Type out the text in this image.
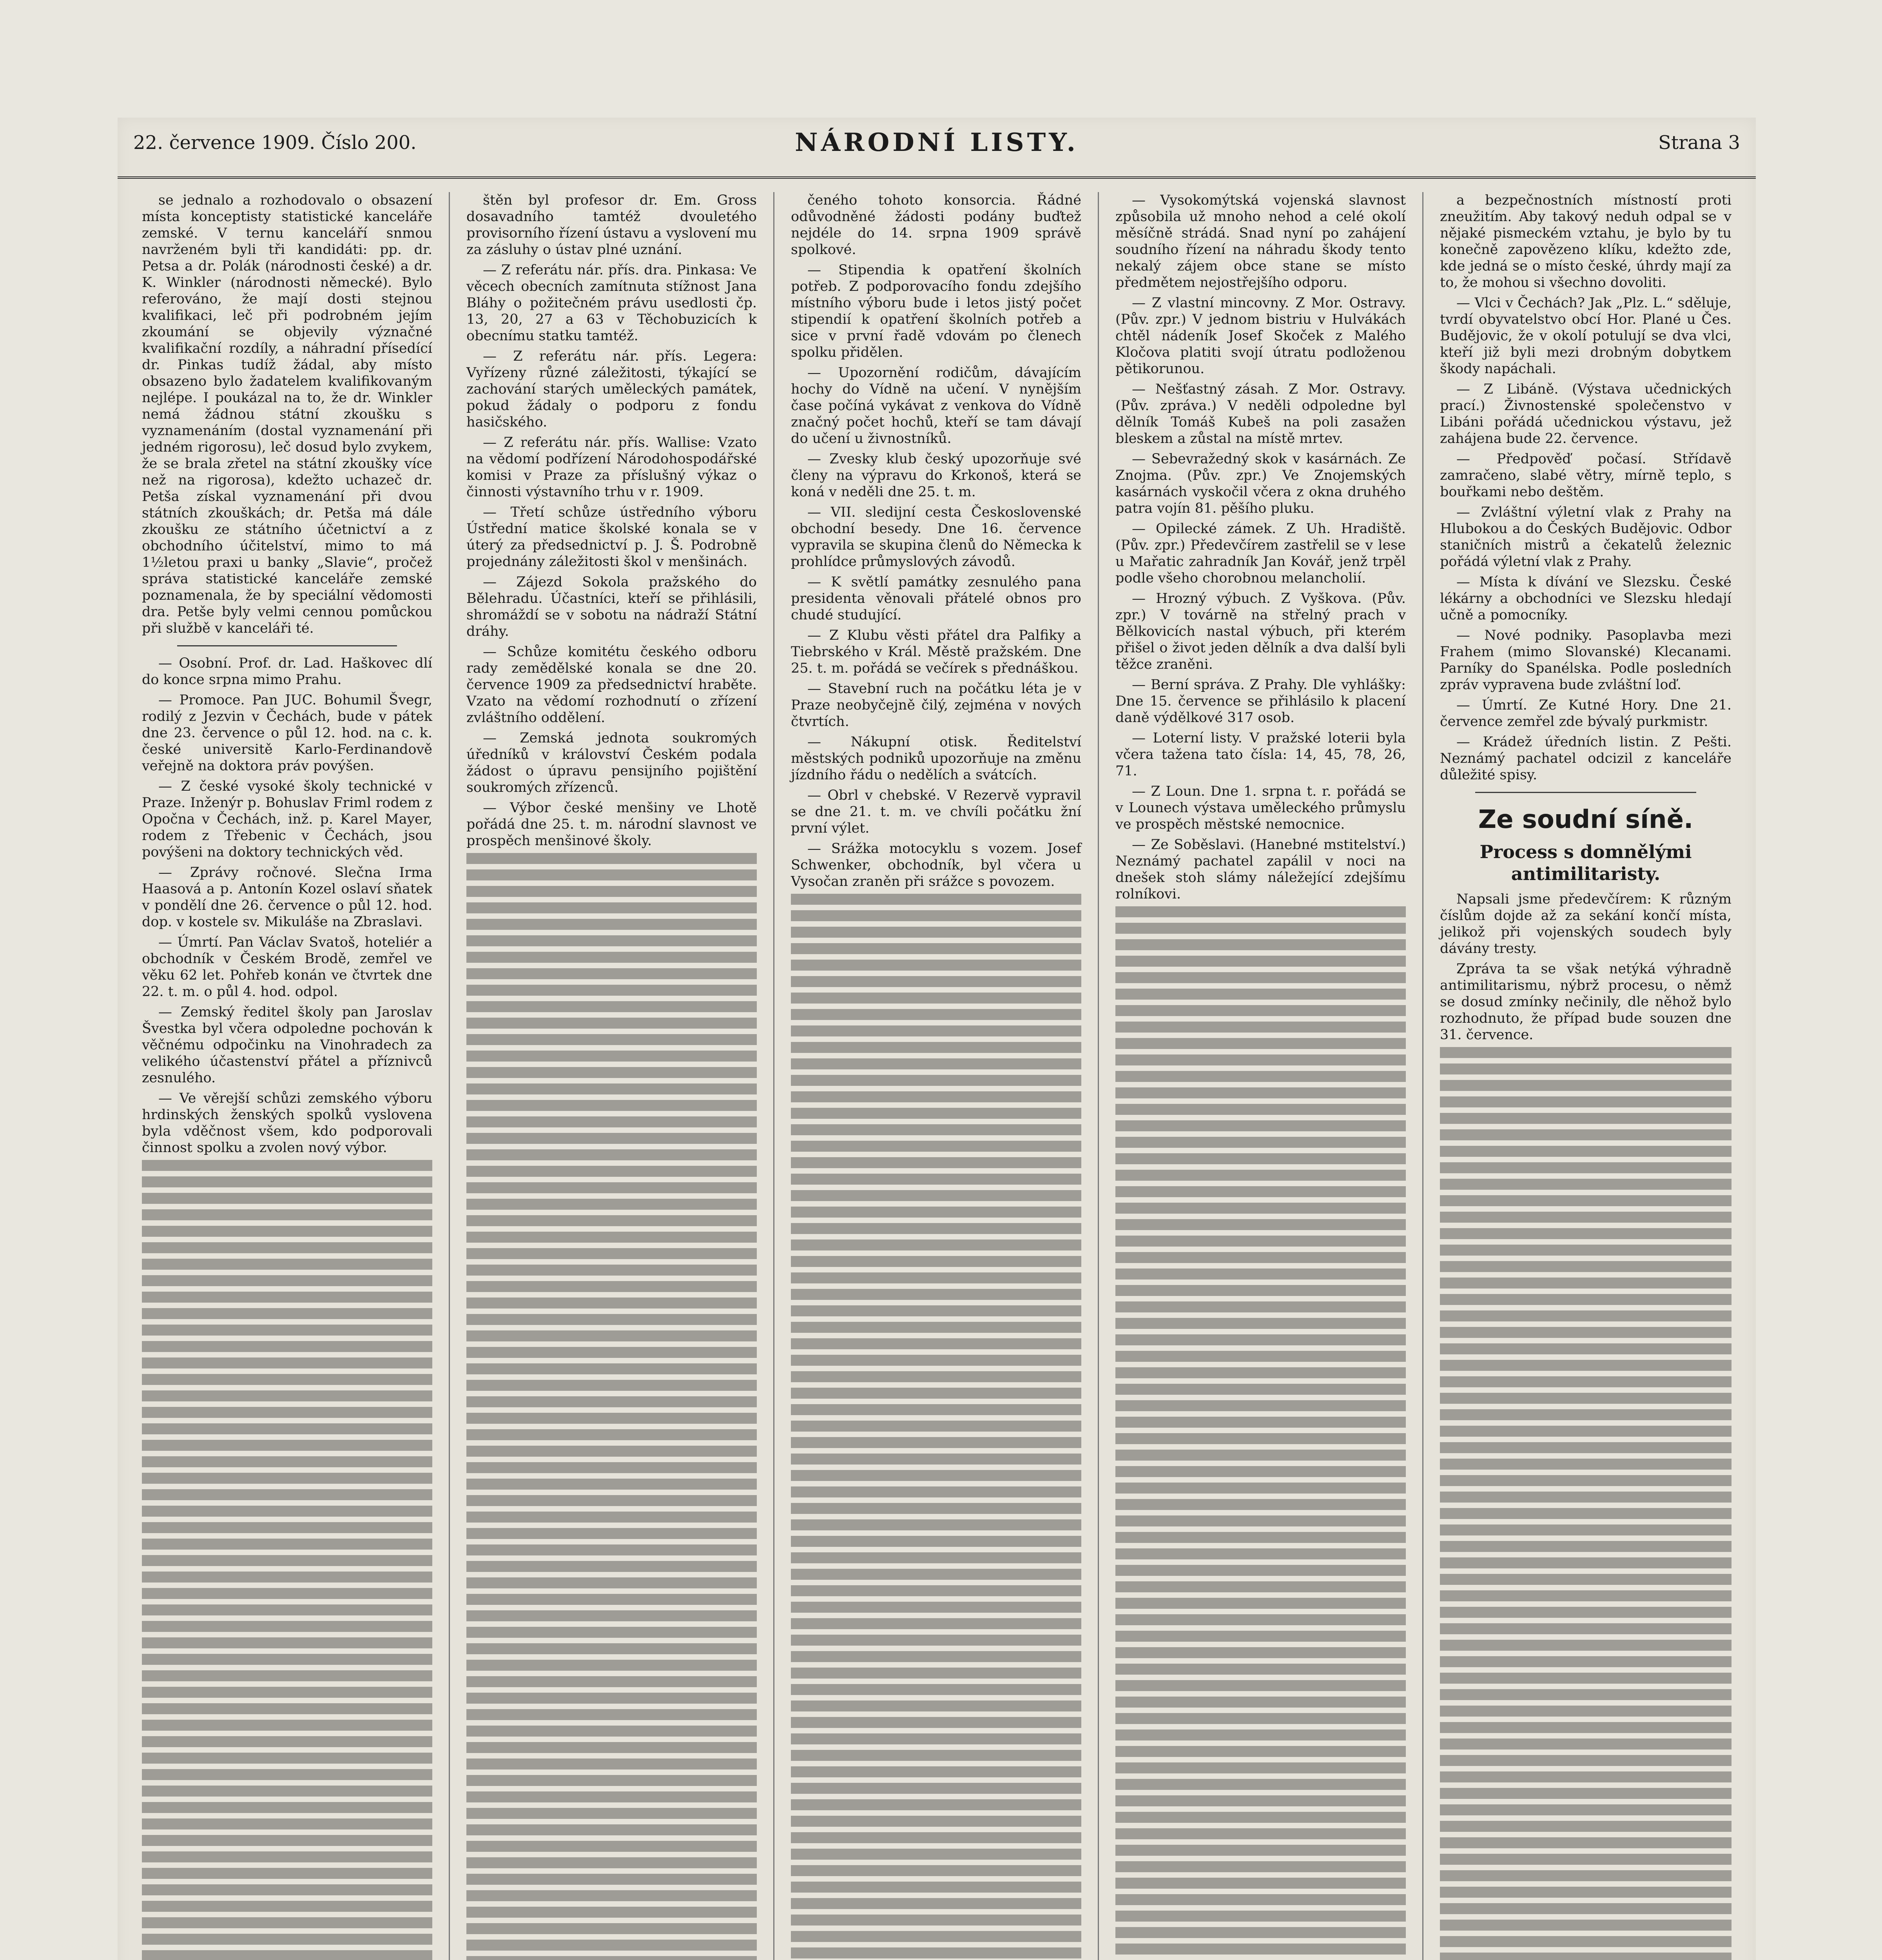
22. července 1909. Číslo 200.	NÁRODNÍ LISTY.	Strana 3

se jednalo a rozhodovalo o obsazení místa konceptisty statistické kanceláře zemské. V ternu kanceláří snmou navrženém byli tři kandidáti: pp. dr. Petsa a dr. Polák (národnosti české) a dr. K. Winkler (národnosti německé). Bylo referováno, že mají dosti stejnou kvalifikaci, leč při podrobném jejím zkoumání se objevily význačné kvalifikační rozdíly, a náhradní přísedící dr. Pinkas tudíž žádal, aby místo obsazeno bylo žadatelem kvalifikovaným nejlépe. I poukázal na to, že dr. Winkler nemá žádnou státní zkoušku s vyznamenáním (dostal vyznamenání při jedném rigorosu), leč dosud bylo zvykem, že se brala zřetel na státní zkoušky více než na rigorosa), kdežto uchazeč dr. Petša získal vyznamenání při dvou státních zkouškách; dr. Petša má dále zkoušku ze státního účetnictví a z obchodního účitelství, mimo to má 1½letou praxi u banky „Slavie“, pročež správa statistické kanceláře zemské poznamenala, že by speciální vědomosti dra. Petše byly velmi cennou pomůckou při službě v kanceláři té.

— Osobní. Prof. dr. Lad. Haškovec dlí do konce srpna mimo Prahu.

— Promoce. Pan JUC. Bohumil Švegr, rodilý z Jezvin v Čechách, bude v pátek dne 23. července o půl 12. hod. na c. k. české universitě Karlo-Ferdinandově veřejně na doktora práv povýšen.

— Z české vysoké školy technické v Praze. Inženýr p. Bohuslav Friml rodem z Opočna v Čechách, inž. p. Karel Mayer, rodem z Třebenic v Čechách, jsou povýšeni na doktory technických věd.

— Zprávy ročnové. Slečna Irma Haasová a p. Antonín Kozel oslaví sňatek v pondělí dne 26. července o půl 12. hod. dop. v kostele sv. Mikuláše na Zbraslavi.

— Úmrtí. Pan Václav Svatoš, hoteliér a obchodník v Českém Brodě, zemřel ve věku 62 let. Pohřeb konán ve čtvrtek dne 22. t. m. o půl 4. hod. odpol.

— Zemský ředitel školy pan Jaroslav Švestka byl včera odpoledne pochován k věčnému odpočinku na Vinohradech za velikého účastenství přátel a příznivců zesnulého.

— Ve věrejší schůzi zemského výboru hrdinských ženských spolků vyslovena byla vděčnost všem, kdo podporovali činnost spolku a zvolen nový výbor.

štěn byl profesor dr. Em. Gross dosavadního tamtéž dvouletého provisorního řízení ústavu a vyslovení mu za zásluhy o ústav plné uznání.

— Z referátu nár. přís. dra. Pinkasa: Ve věcech obecních zamítnuta stížnost Jana Bláhy o požitečném právu usedlosti čp. 13, 20, 27 a 63 v Těchobuzicích k obecnímu statku tamtéž.

— Z referátu nár. přís. Legera: Vyřízeny různé záležitosti, týkající se zachování starých uměleckých památek, pokud žádaly o podporu z fondu hasičského.

— Z referátu nár. přís. Wallise: Vzato na vědomí podřízení Národohospodářské komisi v Praze za příslušný výkaz o činnosti výstavního trhu v r. 1909.

— Třetí schůze ústředního výboru Ústřední matice školské konala se v úterý za předsednictví p. J. Š. Podrobně projednány záležitosti škol v menšinách.

— Zájezd Sokola pražského do Bělehradu. Účastníci, kteří se přihlásili, shromáždí se v sobotu na nádraží Státní dráhy.

— Schůze komitétu českého odboru rady zemědělské konala se dne 20. července 1909 za předsednictví hraběte. Vzato na vědomí rozhodnutí o zřízení zvláštního oddělení.

— Zemská jednota soukromých úředníků v království Českém podala žádost o úpravu pensijního pojištění soukromých zřízenců.

— Výbor české menšiny ve Lhotě pořádá dne 25. t. m. národní slavnost ve prospěch menšinové školy.

čeného tohoto konsorcia. Řádné odůvodněné žádosti podány buďtež nejdéle do 14. srpna 1909 správě spolkové.

— Stipendia k opatření školních potřeb. Z podporovacího fondu zdejšího místního výboru bude i letos jistý počet stipendií k opatření školních potřeb a sice v první řadě vdovám po členech spolku přidělen.

— Upozornění rodičům, dávajícím hochy do Vídně na učení. V nynějším čase počíná vykávat z venkova do Vídně značný počet hochů, kteří se tam dávají do učení u živnostníků.

— Zvesky klub český upozorňuje své členy na výpravu do Krkonoš, která se koná v neděli dne 25. t. m.

— VII. sledijní cesta Československé obchodní besedy. Dne 16. července vypravila se skupina členů do Německa k prohlídce průmyslových závodů.

— K světlí památky zesnulého pana presidenta věnovali přátelé obnos pro chudé studující.

— Z Klubu věsti přátel dra Palfiky a Tiebrského v Král. Městě pražském. Dne 25. t. m. pořádá se večírek s přednáškou.

— Stavební ruch na počátku léta je v Praze neobyčejně čilý, zejména v nových čtvrtích.

— Nákupní otisk. Ředitelství městských podniků upozorňuje na změnu jízdního řádu o nedělích a svátcích.

— Obrl v chebské. V Rezervě vypravil se dne 21. t. m. ve chvíli počátku žní první výlet.

— Srážka motocyklu s vozem. Josef Schwenker, obchodník, byl včera u Vysočan zraněn při srážce s povozem.

— Vysokomýtská vojenská slavnost způsobila už mnoho nehod a celé okolí měsíčně strádá. Snad nyní po zahájení soudního řízení na náhradu škody tento nekalý zájem obce stane se místo předmětem nejostřejšího odporu.

— Z vlastní mincovny. Z Mor. Ostravy. (Pův. zpr.) V jednom bistriu v Hulvákách chtěl nádeník Josef Skoček z Malého Kločova platiti svojí útratu podloženou pětikorunou.

— Nešťastný zásah. Z Mor. Ostravy. (Pův. zpráva.) V neděli odpoledne byl dělník Tomáš Kubeš na poli zasažen bleskem a zůstal na místě mrtev.

— Sebevražedný skok v kasárnách. Ze Znojma. (Pův. zpr.) Ve Znojemských kasárnách vyskočil včera z okna druhého patra vojín 81. pěšího pluku.

— Opilecké zámek. Z Uh. Hradiště. (Pův. zpr.) Předevčírem zastřelil se v lese u Mařatic zahradník Jan Kovář, jenž trpěl podle všeho chorobnou melancholií.

— Hrozný výbuch. Z Vyškova. (Pův. zpr.) V továrně na střelný prach v Bělkovicích nastal výbuch, při kterém přišel o život jeden dělník a dva další byli těžce zraněni.

— Berní správa. Z Prahy. Dle vyhlášky: Dne 15. července se přihlásilo k placení daně výdělkové 317 osob.

— Loterní listy. V pražské loterii byla včera tažena tato čísla: 14, 45, 78, 26, 71.

— Z Loun. Dne 1. srpna t. r. pořádá se v Lounech výstava uměleckého průmyslu ve prospěch městské nemocnice.

— Ze Soběslavi. (Hanebné mstitelství.) Neznámý pachatel zapálil v noci na dnešek stoh slámy náležející zdejšímu rolníkovi.

a bezpečnostních místností proti zneužitím. Aby takový neduh odpal se v nějaké pismeckém vztahu, je bylo by tu konečně zapovězeno klíku, kdežto zde, kde jedná se o místo české, úhrdy mají za to, že mohou si všechno dovoliti.

— Vlci v Čechách? Jak „Plz. L.“ sděluje, tvrdí obyvatelstvo obcí Hor. Plané u Čes. Budějovic, že v okolí potulují se dva vlci, kteří již byli mezi drobným dobytkem škody napáchali.

— Z Libáně. (Výstava učednických prací.) Živnostenské společenstvo v Libáni pořádá učednickou výstavu, jež zahájena bude 22. července.

— Předpověď počasí. Střídavě zamračeno, slabé větry, mírně teplo, s bouřkami nebo deštěm.

— Zvláštní výletní vlak z Prahy na Hlubokou a do Českých Budějovic. Odbor staničních mistrů a čekatelů železnic pořádá výletní vlak z Prahy.

— Místa k dívání ve Slezsku. České lékárny a obchodníci ve Slezsku hledají učně a pomocníky.

— Nové podniky. Pasoplavba mezi Frahem (mimo Slovanské) Klecanami. Parníky do Spanélska. Podle posledních zpráv vypravena bude zvláštní loď.

— Úmrtí. Ze Kutné Hory. Dne 21. července zemřel zde bývalý purkmistr.

— Krádež úředních listin. Z Pešti. Neznámý pachatel odcizil z kanceláře důležité spisy.

Ze soudní síně.
Process s domnělými antimilitaristy.

Napsali jsme předevčírem: K různým číslům dojde až za sekání končí místa, jelikož při vojenských soudech byly dávány tresty.

Zpráva ta se však netýká výhradně antimilitarismu, nýbrž procesu, o němž se dosud zmínky nečinily, dle něhož bylo rozhodnuto, že případ bude souzen dne 31. července.
